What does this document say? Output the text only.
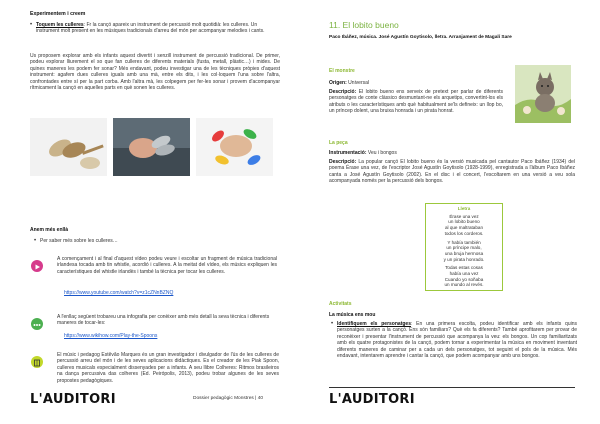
Experimentem i creem
• Toquem les culleres: Fr la cançó apareix un instrument de percussió molt quotidià: les culleres. Un instrument molt present en les músiques tradicionals d'arreu del món per acompanyar melodies i cants.
Us proposem explorar amb els infants aquest divertit i senzill instrument de percussió tradicional. De primer, podeu explorar lliurement el so que fan culleres de diferents materials (fusta, metall, plàstic…) i mides. De quines maneres les podem fer sonar? Més endavant, podeu investigar una de les tècniques pròpies d'aquest instrument: agafem dues culleres iguals amb una mà, entre els dits, i les col·loquem l'una sobre l'altra, confrontades entre sí per la part corba. Amb l'altra mà, les colpegem per fer-les sonar i provem d'acompanyar rítmicament la cançó en aquelles parts en què sonen les culleres.
Anem més enllà
• Per saber més sobre les culleres…
A començament i al final d'aquest vídeo podeu veure i escoltar un fragment de música tradicional irlandesa tocada amb tin whistle, acordió i culleres. A la meitat del vídeo, els músics expliquen les característiques del whistle irlandès i també la tècnica per tocar les culleres.
https://www.youtube.com/watch?v=z1cZNnBZNQ
A l'enllaç següent trobareu una infografia per conèixer amb més detall la seva tècnica i diferents maneres de tocar-les:
https://www.wikihow.com/Play-the-Spoons
El músic i pedagog Estêvão Marques és un gran investigador i divulgador de l'ús de les culleres de percussió arreu del món i de les seves aplicacions didàctiques. Es el creador de les Piak Spoon, culleres musicals especialment dissenyades per a infants. A seu llibre Colheres: Ritmos brasileiros na dança percussiva das colheres (Ed. Peirópolis, 2013), podeu trobar algunes de les seves propostes pedagògiques.
L'AUDITORI	Dossier pedagògic Monstres | 40
11. El lobito bueno
Paco Ibáñez, música. José Agustín Goytisolo, lletra. Arranjament de Magalí Sare
El monstre
Origen: Universal
Descripció: El lobito bueno ens serveix de pretext per parlar de diferents personatges de conte clàssico desmuntant-ne els arquetips, convertint-los els atributs o les característiques amb què habitualment se'ls defineix: un llop bo, un príncep dolent, una bruixa honrada i un pirata honrat.
La peça
Instrumentació: Veu i bongos
Descripció: La popular cançó El lobito bueno és la versió musicada pel cantautor Paco Ibáñez (1934) del poema Érase una vez, de l'escriptor José Agustín Goytisolo (1928-1999), enregistrada a l'àlbum Paco Ibáñez canta a José Agustín Goytisolo (2002). En el disc i el concert, l'escoltarem en una versió a veu sola acompanyada només per la percussió dels bongos.
Lletra
Érase una vez
un lobito bueno
al que maltrataban
todos los corderos.

Y había también
un príncipe malo,
una bruja hermosa
y un pirata honrado.

Todas estas cosas
había una vez
Cuando yo soñaba
un mundo al revés.
Activitats
La música ens mou
• Identifiquem els personatges: En una primera escolta, podeu identificar amb els infants quins personatges surten a la cançó. Ens són familiars? Què els fa diferents? També aprofitarem per provar de reconèixer i presentar l'instrument de percussió que acompanya la veu: els bongos. Un cop familiaritzats amb els quatre protagonistes de la cançó, podem tornar a experimentar la música en moviment inventant diferents maneres de caminar per a cada un dels personatges, tot seguint el pols de la música. Més endavant, intentarem aprendre i cantar la cançó, que podem acompanyar amb uns bongos.
L'AUDITORI
